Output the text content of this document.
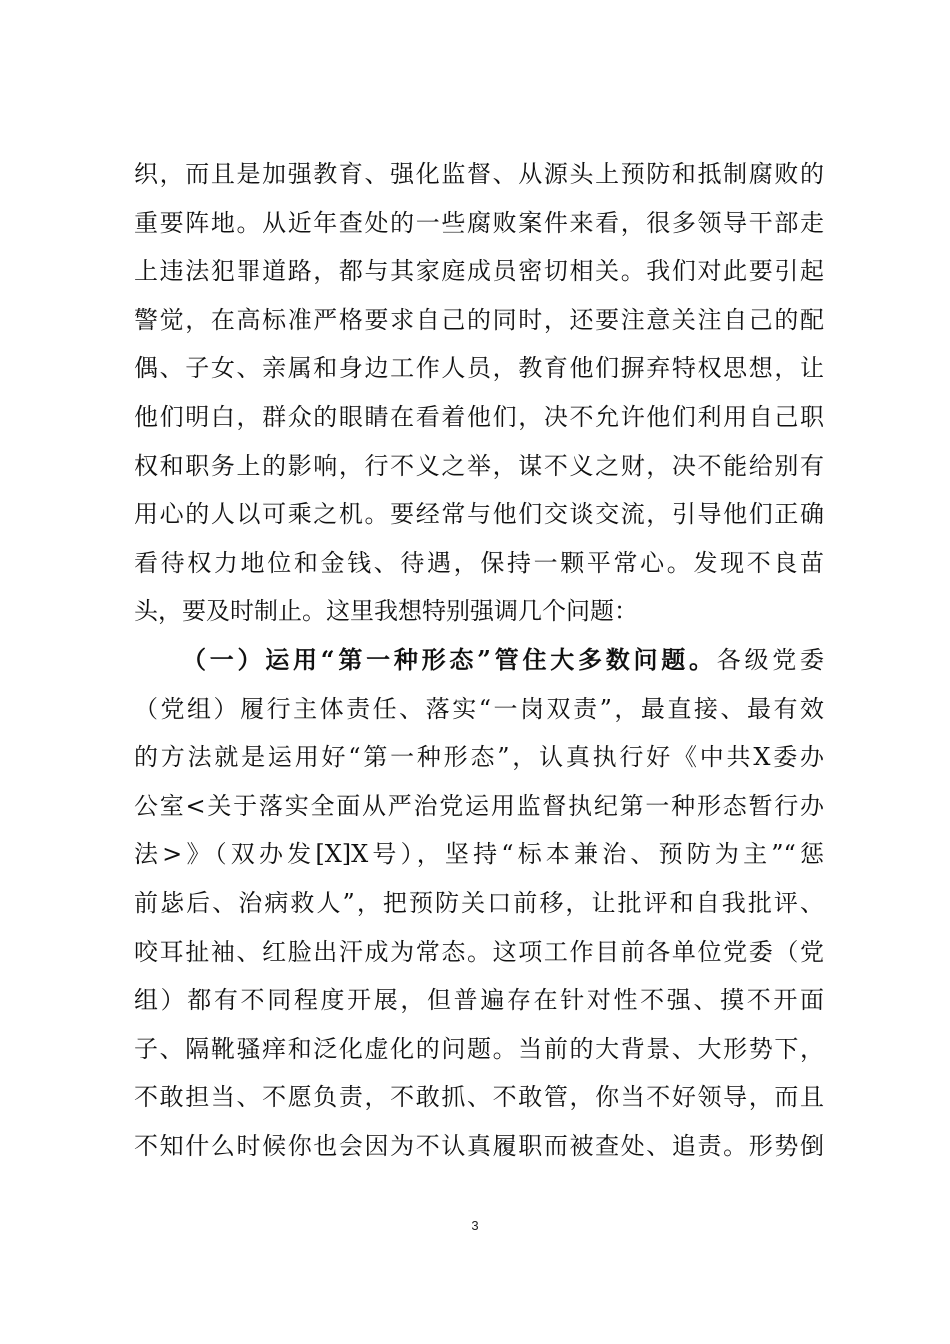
织，而且是加强教育、强化监督、从源头上预防和抵制腐败的
重要阵地。从近年查处的一些腐败案件来看，很多领导干部走
上违法犯罪道路，都与其家庭成员密切相关。我们对此要引起
警觉，在高标准严格要求自己的同时，还要注意关注自己的配
偶、子女、亲属和身边工作人员，教育他们摒弃特权思想，让
他们明白，群众的眼睛在看着他们，决不允许他们利用自己职
权和职务上的影响，行不义之举，谋不义之财，决不能给别有
用心的人以可乘之机。要经常与他们交谈交流，引导他们正确
看待权力地位和金钱、待遇，保持一颗平常心。发现不良苗
头，要及时制止。这里我想特别强调几个问题：
（一）运用“第一种形态”管住大多数问题。各级党委
（党组）履行主体责任、落实“一岗双责”，最直接、最有效
的方法就是运用好“第一种形态”，认真执行好《中共X委办
公室<关于落实全面从严治党运用监督执纪第一种形态暂行办
法>》（双办发[X]X号），坚持“标本兼治、预防为主”“惩
前毖后、治病救人”，把预防关口前移，让批评和自我批评、
咬耳扯袖、红脸出汗成为常态。这项工作目前各单位党委（党
组）都有不同程度开展，但普遍存在针对性不强、摸不开面
子、隔靴骚痒和泛化虚化的问题。当前的大背景、大形势下，
不敢担当、不愿负责，不敢抓、不敢管，你当不好领导，而且
不知什么时候你也会因为不认真履职而被查处、追责。形势倒
3
